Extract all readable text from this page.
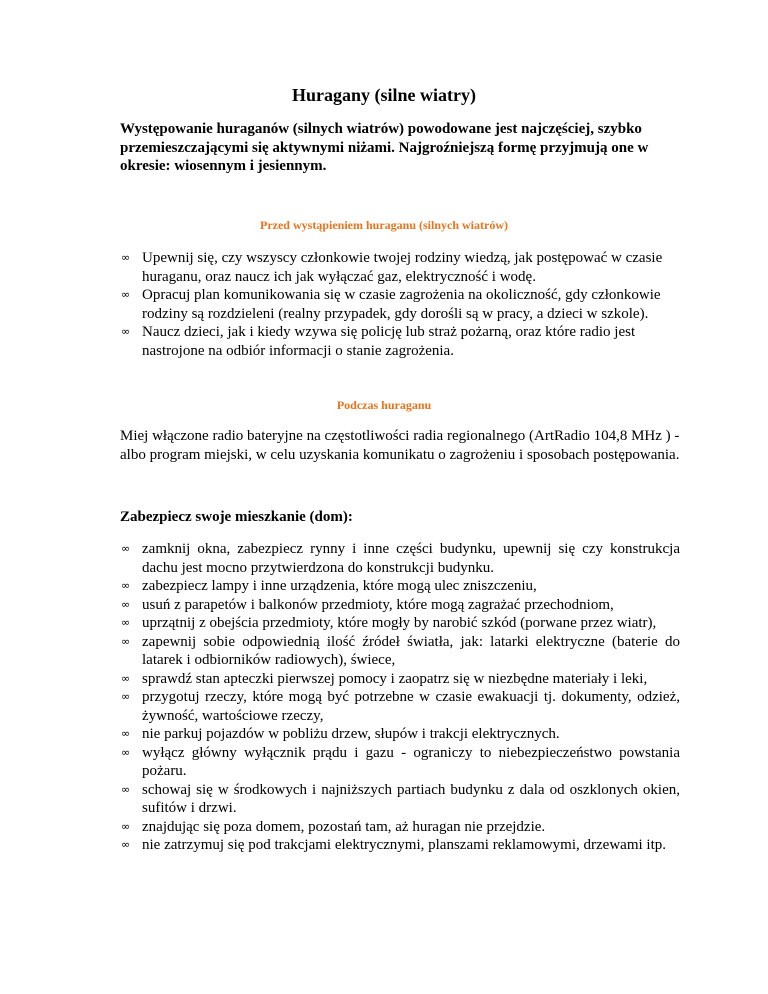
Huragany (silne wiatry)
Występowanie huraganów (silnych wiatrów) powodowane jest najczęściej, szybko przemieszczającymi się aktywnymi niżami. Najgroźniejszą formę przyjmują one w okresie: wiosennym i jesiennym.
Przed wystąpieniem huraganu (silnych wiatrów)
∞ Upewnij się, czy wszyscy członkowie twojej rodziny wiedzą, jak postępować w czasie huraganu, oraz naucz ich jak wyłączać gaz, elektryczność i wodę.
∞ Opracuj plan komunikowania się w czasie zagrożenia na okoliczność, gdy członkowie rodziny są rozdzieleni (realny przypadek, gdy dorośli są w pracy, a dzieci w szkole).
∞ Naucz dzieci, jak i kiedy wzywa się policję lub straż pożarną, oraz które radio jest nastrojone na odbiór informacji o stanie zagrożenia.
Podczas huraganu
Miej włączone radio bateryjne na częstotliwości radia regionalnego (ArtRadio 104,8 MHz ) - albo program miejski, w celu uzyskania komunikatu o zagrożeniu i sposobach postępowania.
Zabezpiecz swoje mieszkanie (dom):
∞ zamknij okna, zabezpiecz rynny i inne części budynku, upewnij się czy konstrukcja dachu jest mocno przytwierdzona do konstrukcji budynku.
∞ zabezpiecz lampy i inne urządzenia, które mogą ulec zniszczeniu,
∞ usuń z parapetów i balkonów przedmioty, które mogą zagrażać przechodniom,
∞ uprzątnij z obejścia przedmioty, które mogły by narobić szkód (porwane przez wiatr),
∞ zapewnij sobie odpowiednią ilość źródeł światła, jak: latarki elektryczne (baterie do latarek i odbiorników radiowych), świece,
∞ sprawdź stan apteczki pierwszej pomocy i zaopatrz się w niezbędne materiały i leki,
∞ przygotuj rzeczy, które mogą być potrzebne w czasie ewakuacji tj. dokumenty, odzież, żywność, wartościowe rzeczy,
∞ nie parkuj pojazdów w pobliżu drzew, słupów i trakcji elektrycznych.
∞ wyłącz główny wyłącznik prądu i gazu - ograniczy to niebezpieczeństwo powstania pożaru.
∞ schowaj się w środkowych i najniższych partiach budynku z dala od oszklonych okien, sufitów i drzwi.
∞ znajdując się poza domem, pozostań tam, aż huragan nie przejdzie.
∞ nie zatrzymuj się pod trakcjami elektrycznymi, planszami reklamowymi, drzewami itp.
